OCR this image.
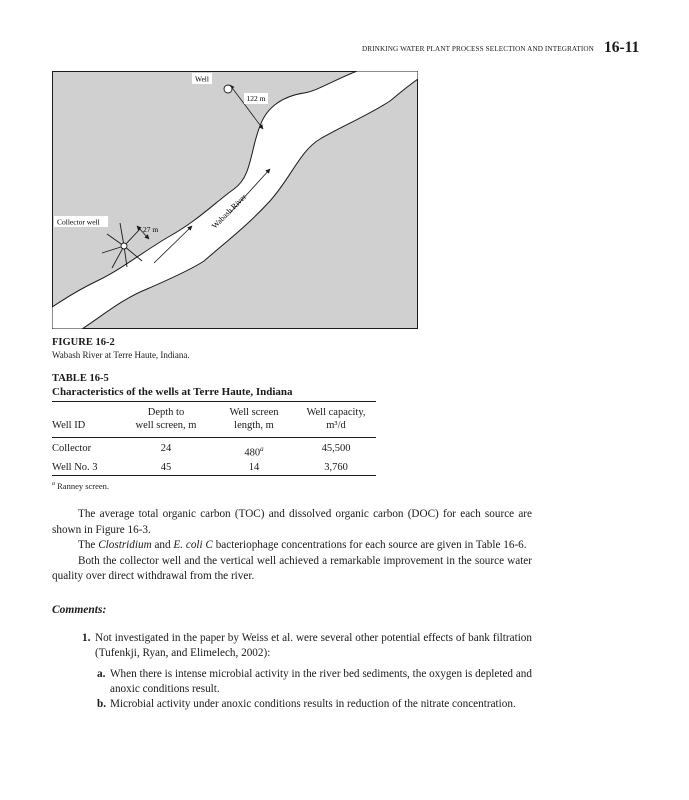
DRINKING WATER PLANT PROCESS SELECTION AND INTEGRATION 16-11
Well
122 m
Wabash River
Collector well
27 m
FIGURE 16-2
Wabash River at Terre Haute, Indiana.
TABLE 16-5
Characteristics of the wells at Terre Haute, Indiana
	Depth to	Well screen	Well capacity,
Well ID	well screen, m	length, m	m³/d
Collector	24	480$^a$	45,500
Well No. 3	45	14	3,760
$^a$ Ranney screen.

The average total organic carbon (TOC) and dissolved organic carbon (DOC) for each source are shown in Figure 16-3.

The Clostridium and E. coli C bacteriophage concentrations for each source are given in Table 16-6.

Both the collector well and the vertical well achieved a remarkable improvement in the source water quality over direct withdrawal from the river.

Comments:
1. Not investigated in the paper by Weiss et al. were several other potential effects of bank filtration (Tufenkji, Ryan, and Elimelech, 2002):
a. When there is intense microbial activity in the river bed sediments, the oxygen is depleted and anoxic conditions result.
b. Microbial activity under anoxic conditions results in reduction of the nitrate concentration.
